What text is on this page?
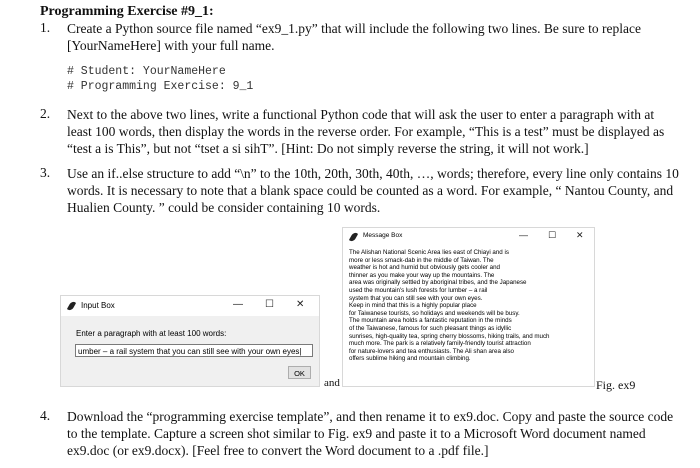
Programming Exercise #9_1:
1. Create a Python source file named “ex9_1.py” that will include the following two lines. Be sure to replace
[YourNameHere] with your full name.
# Student: YourNameHere
# Programming Exercise: 9_1
2. Next to the above two lines, write a functional Python code that will ask the user to enter a paragraph with at
least 100 words, then display the words in the reverse order. For example, “This is a test” must be displayed as
“test a is This”, but not “tset a si sihT”. [Hint: Do not simply reverse the string, it will not work.]
3. Use an if..else structure to add “\n” to the 10th, 20th, 30th, 40th, …, words; therefore, every line only contains 10
words. It is necessary to note that a blank space could be counted as a word. For example, “ Nantou County, and
Hualien County. ” could be consider containing 10 words.
Input Box	— ☐ ✕
Enter a paragraph with at least 100 words:
umber – a rail system that you can still see with your own eyes|
OK
and
Message Box	— ☐ ✕
The Alishan National Scenic Area lies east of Chiayi and is
more or less smack-dab in the middle of Taiwan. The
weather is hot and humid but obviously gets cooler and
thinner as you make your way up the mountains. The
area was originally settled by aboriginal tribes, and the Japanese
used the mountain's lush forests for lumber – a rail
system that you can still see with your own eyes.
Keep in mind that this is a highly popular place
for Taiwanese tourists, so holidays and weekends will be busy.
The mountain area holds a fantastic reputation in the minds
of the Taiwanese, famous for such pleasant things as idyllic
sunrises, high-quality tea, spring cherry blossoms, hiking trails, and much
much more. The park is a relatively family-friendly tourist attraction
for nature-lovers and tea enthusiasts. The Ali shan area also
offers sublime hiking and mountain climbing.
Fig. ex9
4. Download the “programming exercise template”, and then rename it to ex9.doc. Copy and paste the source code
to the template. Capture a screen shot similar to Fig. ex9 and paste it to a Microsoft Word document named
ex9.doc (or ex9.docx). [Feel free to convert the Word document to a .pdf file.]
